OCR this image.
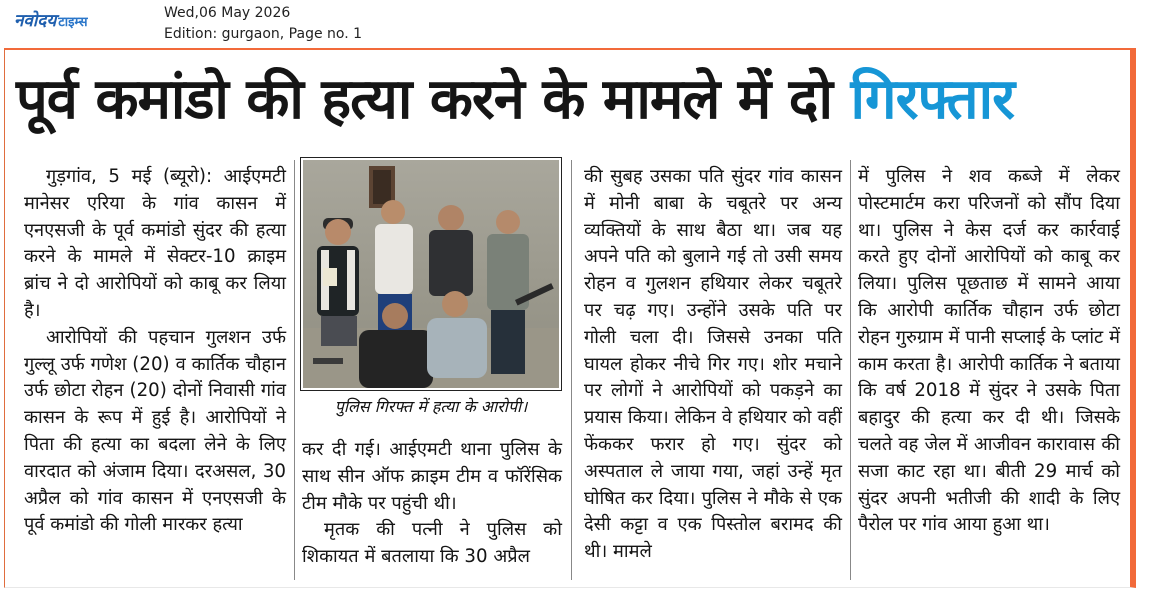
नवोदय टाइम्स
Wed,06 May 2026
Edition: gurgaon, Page no. 1
पूर्व कमांडो की हत्या करने के मामले में दो गिरफ्तार

गुड़गांव, 5 मई (ब्यूरो): आईएमटी मानेसर एरिया के गांव कासन में एनएसजी के पूर्व कमांडो सुंदर की हत्या करने के मामले में सेक्टर-10 क्राइम ब्रांच ने दो आरोपियों को काबू कर लिया है।

आरोपियों की पहचान गुलशन उर्फ गुल्लू उर्फ गणेश (20) व कार्तिक चौहान उर्फ छोटा रोहन (20) दोनों निवासी गांव कासन के रूप में हुई है। आरोपियों ने पिता की हत्या का बदला लेने के लिए वारदात को अंजाम दिया। दरअसल, 30 अप्रैल को गांव कासन में एनएसजी के पूर्व कमांडो की गोली मारकर हत्या

पुलिस गिरफ्त में हत्या के आरोपी।

कर दी गई। आईएमटी थाना पुलिस के साथ सीन ऑफ क्राइम टीम व फॉरेंसिक टीम मौके पर पहुंची थी।

मृतक की पत्नी ने पुलिस को शिकायत में बतलाया कि 30 अप्रैल

की सुबह उसका पति सुंदर गांव कासन में मोनी बाबा के चबूतरे पर अन्य व्यक्तियों के साथ बैठा था। जब यह अपने पति को बुलाने गई तो उसी समय रोहन व गुलशन हथियार लेकर चबूतरे पर चढ़ गए। उन्होंने उसके पति पर गोली चला दी। जिससे उनका पति घायल होकर नीचे गिर गए। शोर मचाने पर लोगों ने आरोपियों को पकड़ने का प्रयास किया। लेकिन वे हथियार को वहीं फेंककर फरार हो गए। सुंदर को अस्पताल ले जाया गया, जहां उन्हें मृत घोषित कर दिया। पुलिस ने मौके से एक देसी कट्टा व एक पिस्तोल बरामद की थी। मामले

में पुलिस ने शव कब्जे में लेकर पोस्टमार्टम करा परिजनों को सौंप दिया था। पुलिस ने केस दर्ज कर कार्रवाई करते हुए दोनों आरोपियों को काबू कर लिया। पुलिस पूछताछ में सामने आया कि आरोपी कार्तिक चौहान उर्फ छोटा रोहन गुरुग्राम में पानी सप्लाई के प्लांट में काम करता है। आरोपी कार्तिक ने बताया कि वर्ष 2018 में सुंदर ने उसके पिता बहादुर की हत्या कर दी थी। जिसके चलते वह जेल में आजीवन कारावास की सजा काट रहा था। बीती 29 मार्च को सुंदर अपनी भतीजी की शादी के लिए पैरोल पर गांव आया हुआ था।
